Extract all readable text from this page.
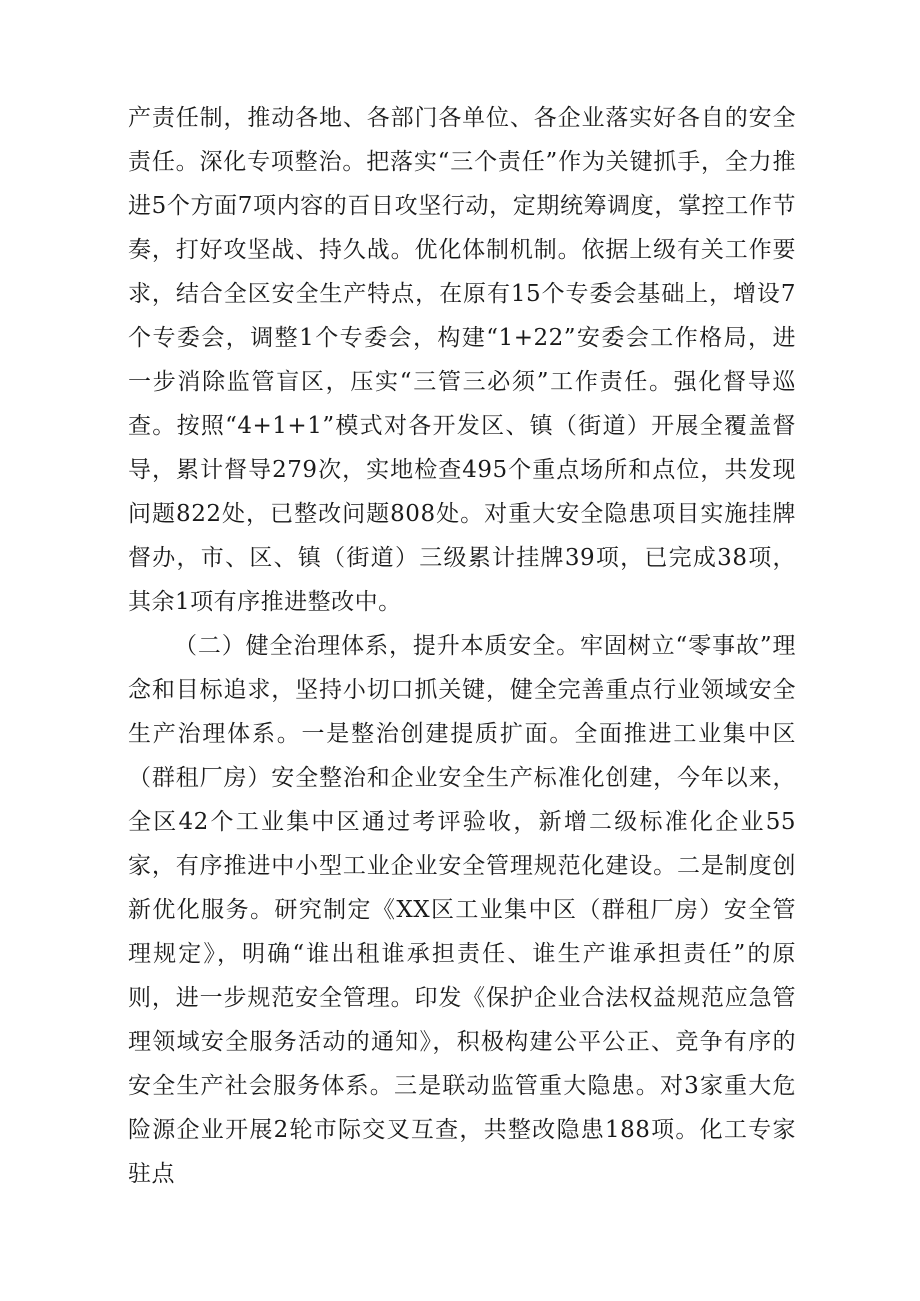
产责任制，推动各地、各部门各单位、各企业落实好各自的安全责任。深化专项整治。把落实“三个责任”作为关键抓手，全力推进5个方面7项内容的百日攻坚行动，定期统筹调度，掌控工作节奏，打好攻坚战、持久战。优化体制机制。依据上级有关工作要求，结合全区安全生产特点，在原有15个专委会基础上，增设7个专委会，调整1个专委会，构建“1+22”安委会工作格局，进一步消除监管盲区，压实“三管三必须”工作责任。强化督导巡查。按照“4+1+1”模式对各开发区、镇（街道）开展全覆盖督导，累计督导279次，实地检查495个重点场所和点位，共发现问题822处，已整改问题808处。对重大安全隐患项目实施挂牌督办，市、区、镇（街道）三级累计挂牌39项，已完成38项，其余1项有序推进整改中。

（二）健全治理体系，提升本质安全。牢固树立“零事故”理念和目标追求，坚持小切口抓关键，健全完善重点行业领域安全生产治理体系。一是整治创建提质扩面。全面推进工业集中区（群租厂房）安全整治和企业安全生产标准化创建，今年以来，全区42个工业集中区通过考评验收，新增二级标准化企业55家，有序推进中小型工业企业安全管理规范化建设。二是制度创新优化服务。研究制定《XX区工业集中区（群租厂房）安全管理规定》，明确“谁出租谁承担责任、谁生产谁承担责任”的原则，进一步规范安全管理。印发《保护企业合法权益规范应急管理领域安全服务活动的通知》，积极构建公平公正、竞争有序的安全生产社会服务体系。三是联动监管重大隐患。对3家重大危险源企业开展2轮市际交叉互查，共整改隐患188项。化工专家驻点
